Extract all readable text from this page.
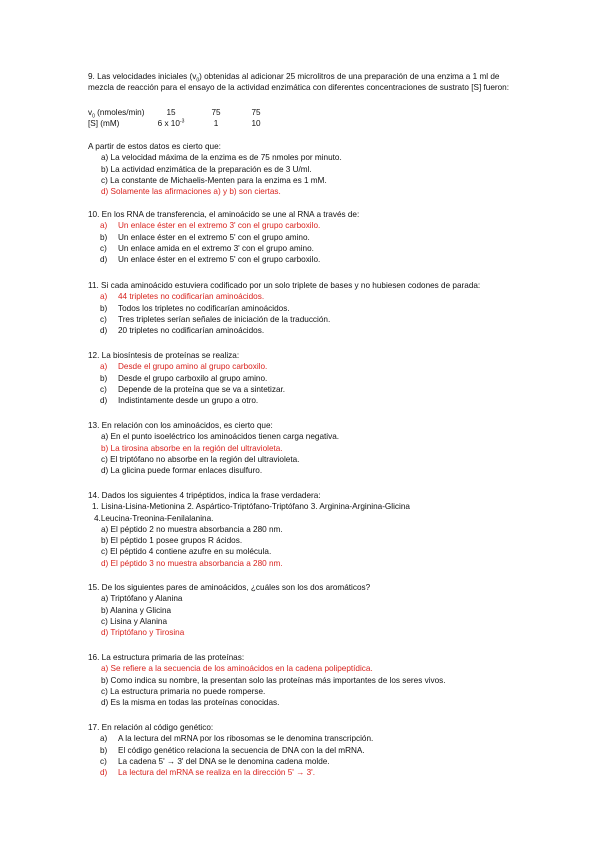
9. Las velocidades iniciales $(v_0)$ obtenidas al adicionar 25 microlitros de una preparación de una enzima a 1 ml de
mezcla de reacción para el ensayo de la actividad enzimática con diferentes concentraciones de sustrato [S] fueron:
$v_0$ (nmoles/min)	15	75	75
[S] (mM)	6 x $10^{-3}$	1	10
A partir de estos datos es cierto que:
a) La velocidad máxima de la enzima es de 75 nmoles por minuto.
b) La actividad enzimática de la preparación es de 3 U/ml.
c) La constante de Michaelis-Menten para la enzima es 1 mM.
d) Solamente las afirmaciones a) y b) son ciertas.
10. En los RNA de transferencia, el aminoácido se une al RNA a través de:
a)	Un enlace éster en el extremo 3' con el grupo carboxilo.
b)	Un enlace éster en el extremo 5' con el grupo amino.
c)	Un enlace amida en el extremo 3' con el grupo amino.
d)	Un enlace éster en el extremo 5' con el grupo carboxilo.
11. Si cada aminoácido estuviera codificado por un solo triplete de bases y no hubiesen codones de parada:
a)	44 tripletes no codificarían aminoácidos.
b)	Todos los tripletes no codificarían aminoácidos.
c)	Tres tripletes serían señales de iniciación de la traducción.
d)	20 tripletes no codificarían aminoácidos.
12. La biosíntesis de proteínas se realiza:
a)	Desde el grupo amino al grupo carboxilo.
b)	Desde el grupo carboxilo al grupo amino.
c)	Depende de la proteína que se va a sintetizar.
d)	Indistintamente desde un grupo a otro.
13. En relación con los aminoácidos, es cierto que:
a) En el punto isoeléctrico los aminoácidos tienen carga negativa.
b) La tirosina absorbe en la región del ultravioleta.
c) El triptófano no absorbe en la región del ultravioleta.
d) La glicina puede formar enlaces disulfuro.
14. Dados los siguientes 4 tripéptidos, indica la frase verdadera:
1. Lisina-Lisina-Metionina 2. Aspártico-Triptófano-Triptófano 3. Arginina-Arginina-Glicina
4.Leucina-Treonina-Fenilalanina.
a) El péptido 2 no muestra absorbancia a 280 nm.
b) El péptido 1 posee grupos R ácidos.
c) El péptido 4 contiene azufre en su molécula.
d) El péptido 3 no muestra absorbancia a 280 nm.
15. De los siguientes pares de aminoácidos, ¿cuáles son los dos aromáticos?
a) Triptófano y Alanina
b) Alanina y Glicina
c) Lisina y Alanina
d) Triptófano y Tirosina
16. La estructura primaria de las proteínas:
a) Se refiere a la secuencia de los aminoácidos en la cadena polipeptídica.
b) Como indica su nombre, la presentan solo las proteínas más importantes de los seres vivos.
c) La estructura primaria no puede romperse.
d) Es la misma en todas las proteínas conocidas.
17. En relación al código genético:
a)	A la lectura del mRNA por los ribosomas se le denomina transcripción.
b)	El código genético relaciona la secuencia de DNA con la del mRNA.
c)	La cadena 5' → 3' del DNA se le denomina cadena molde.
d)	La lectura del mRNA se realiza en la dirección 5' → 3'.
